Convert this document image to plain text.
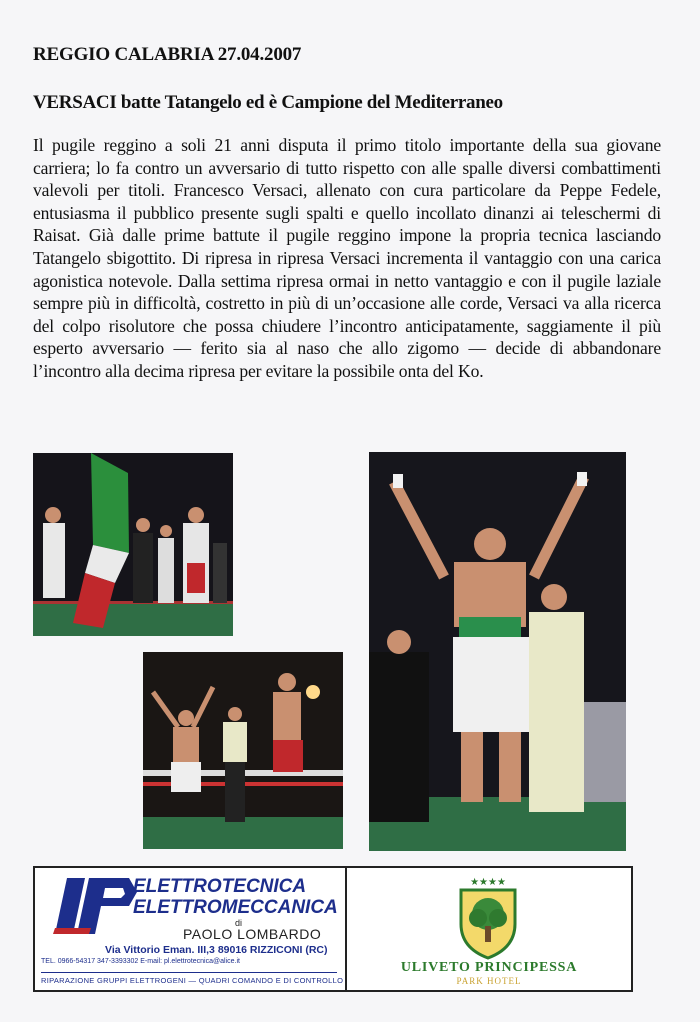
REGGIO CALABRIA 27.04.2007
VERSACI batte Tatangelo ed è Campione del Mediterraneo
Il pugile reggino a soli 21 anni disputa il primo titolo importante della sua giovane carriera; lo fa contro un avversario di tutto rispetto con alle spalle diversi combattimenti valevoli per titoli. Francesco Versaci, allenato con cura particolare da Peppe Fedele, entusiasma il pubblico presente sugli spalti e quello incollato dinanzi ai teleschermi di Raisat. Già dalle prime battute il pugile reggino impone la propria tecnica lasciando Tatangelo sbigottito. Di ripresa in ripresa Versaci incrementa il vantaggio con una carica agonistica notevole. Dalla settima ripresa ormai in netto vantaggio e con il pugile laziale sempre più in difficoltà, costretto in più di un’occasione alle corde, Versaci va alla ricerca del colpo risolutore che possa chiudere l’incontro anticipatamente, saggiamente il più esperto avversario — ferito sia al naso che allo zigomo — decide di abbandonare l’incontro alla decima ripresa per evitare la possibile onta del Ko.
ELETTROTECNICA
ELETTROMECCANICA
di
PAOLO LOMBARDO
Via Vittorio Eman. III,3 89016 RIZZICONI (RC)
TEL. 0966-54317 347-3393302 E-mail: pl.elettrotecnica@alice.it
RIPARAZIONE GRUPPI ELETTROGENI — QUADRI COMANDO E DI CONTROLLO
★★★★
ULIVETO PRINCIPESSA
PARK HOTEL
